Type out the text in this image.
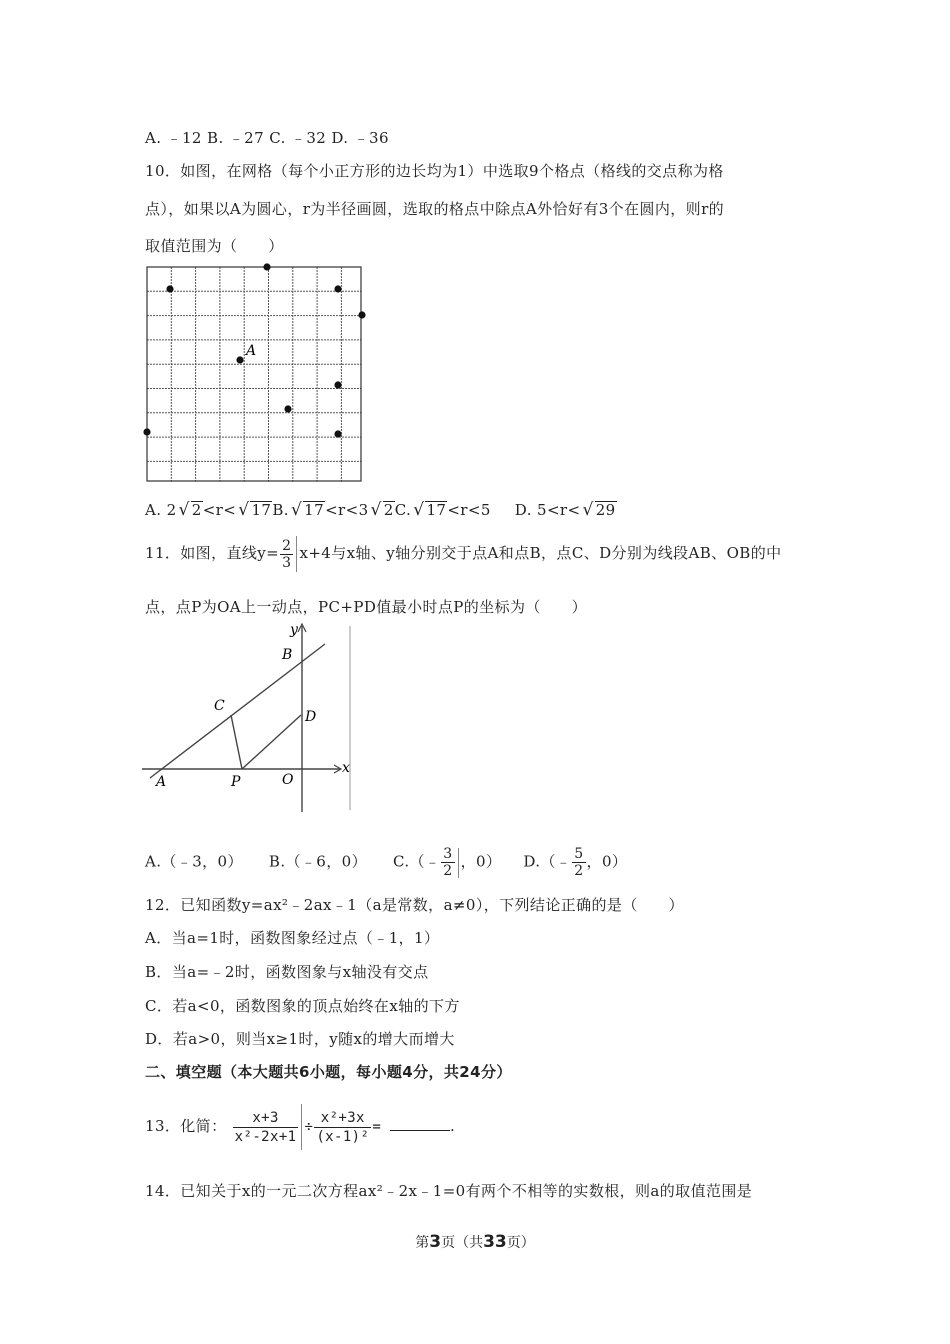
A. ﹣12 B. ﹣27 C. ﹣32 D. ﹣36
10．如图，在网格（每个小正方形的边长均为1）中选取9个格点（格线的交点称为格
点），如果以A为圆心，r为半径画圆，选取的格点中除点A外恰好有3个在圆内，则r的
取值范围为（　　）
A
A. 2 √ 2<r< √ 17B. √ 17<r<3 √ 2C. √ 17<r<5 D. 5<r< √ 29
11．如图，直线$y= \frac{2}{3} x+4$与x轴、y轴分别交于点A和点B，点C、D分别为线段AB、OB的中
点，点P为OA上一动点，PC+PD值最小时点P的坐标为（　　）
y
x
B
C
D
A	P	O
A.（﹣3，0） B.（﹣6，0） C.（﹣ $\frac{3}{2}$ ，0） D.（﹣ $\frac{5}{2}$ ，0）
12．已知函数y=ax²﹣2ax﹣1（a是常数，a≠0），下列结论正确的是（　　）
A．当a=1时，函数图象经过点（﹣1，1）
B．当a=﹣2时，函数图象与x轴没有交点
C．若a<0，函数图象的顶点始终在x轴的下方
D．若a>0，则当x≥1时，y随x的增大而增大
二、填空题（本大题共6小题，每小题4分，共24分）
13．化简： $\frac{x+3}{\text{x²-2x+1}} \div \frac{\text{x²+3x}}{\text{(x-1)²}}$ =	.
14．已知关于x的一元二次方程ax²﹣2x﹣1=0有两个不相等的实数根，则a的取值范围是
第3页（共33页）
